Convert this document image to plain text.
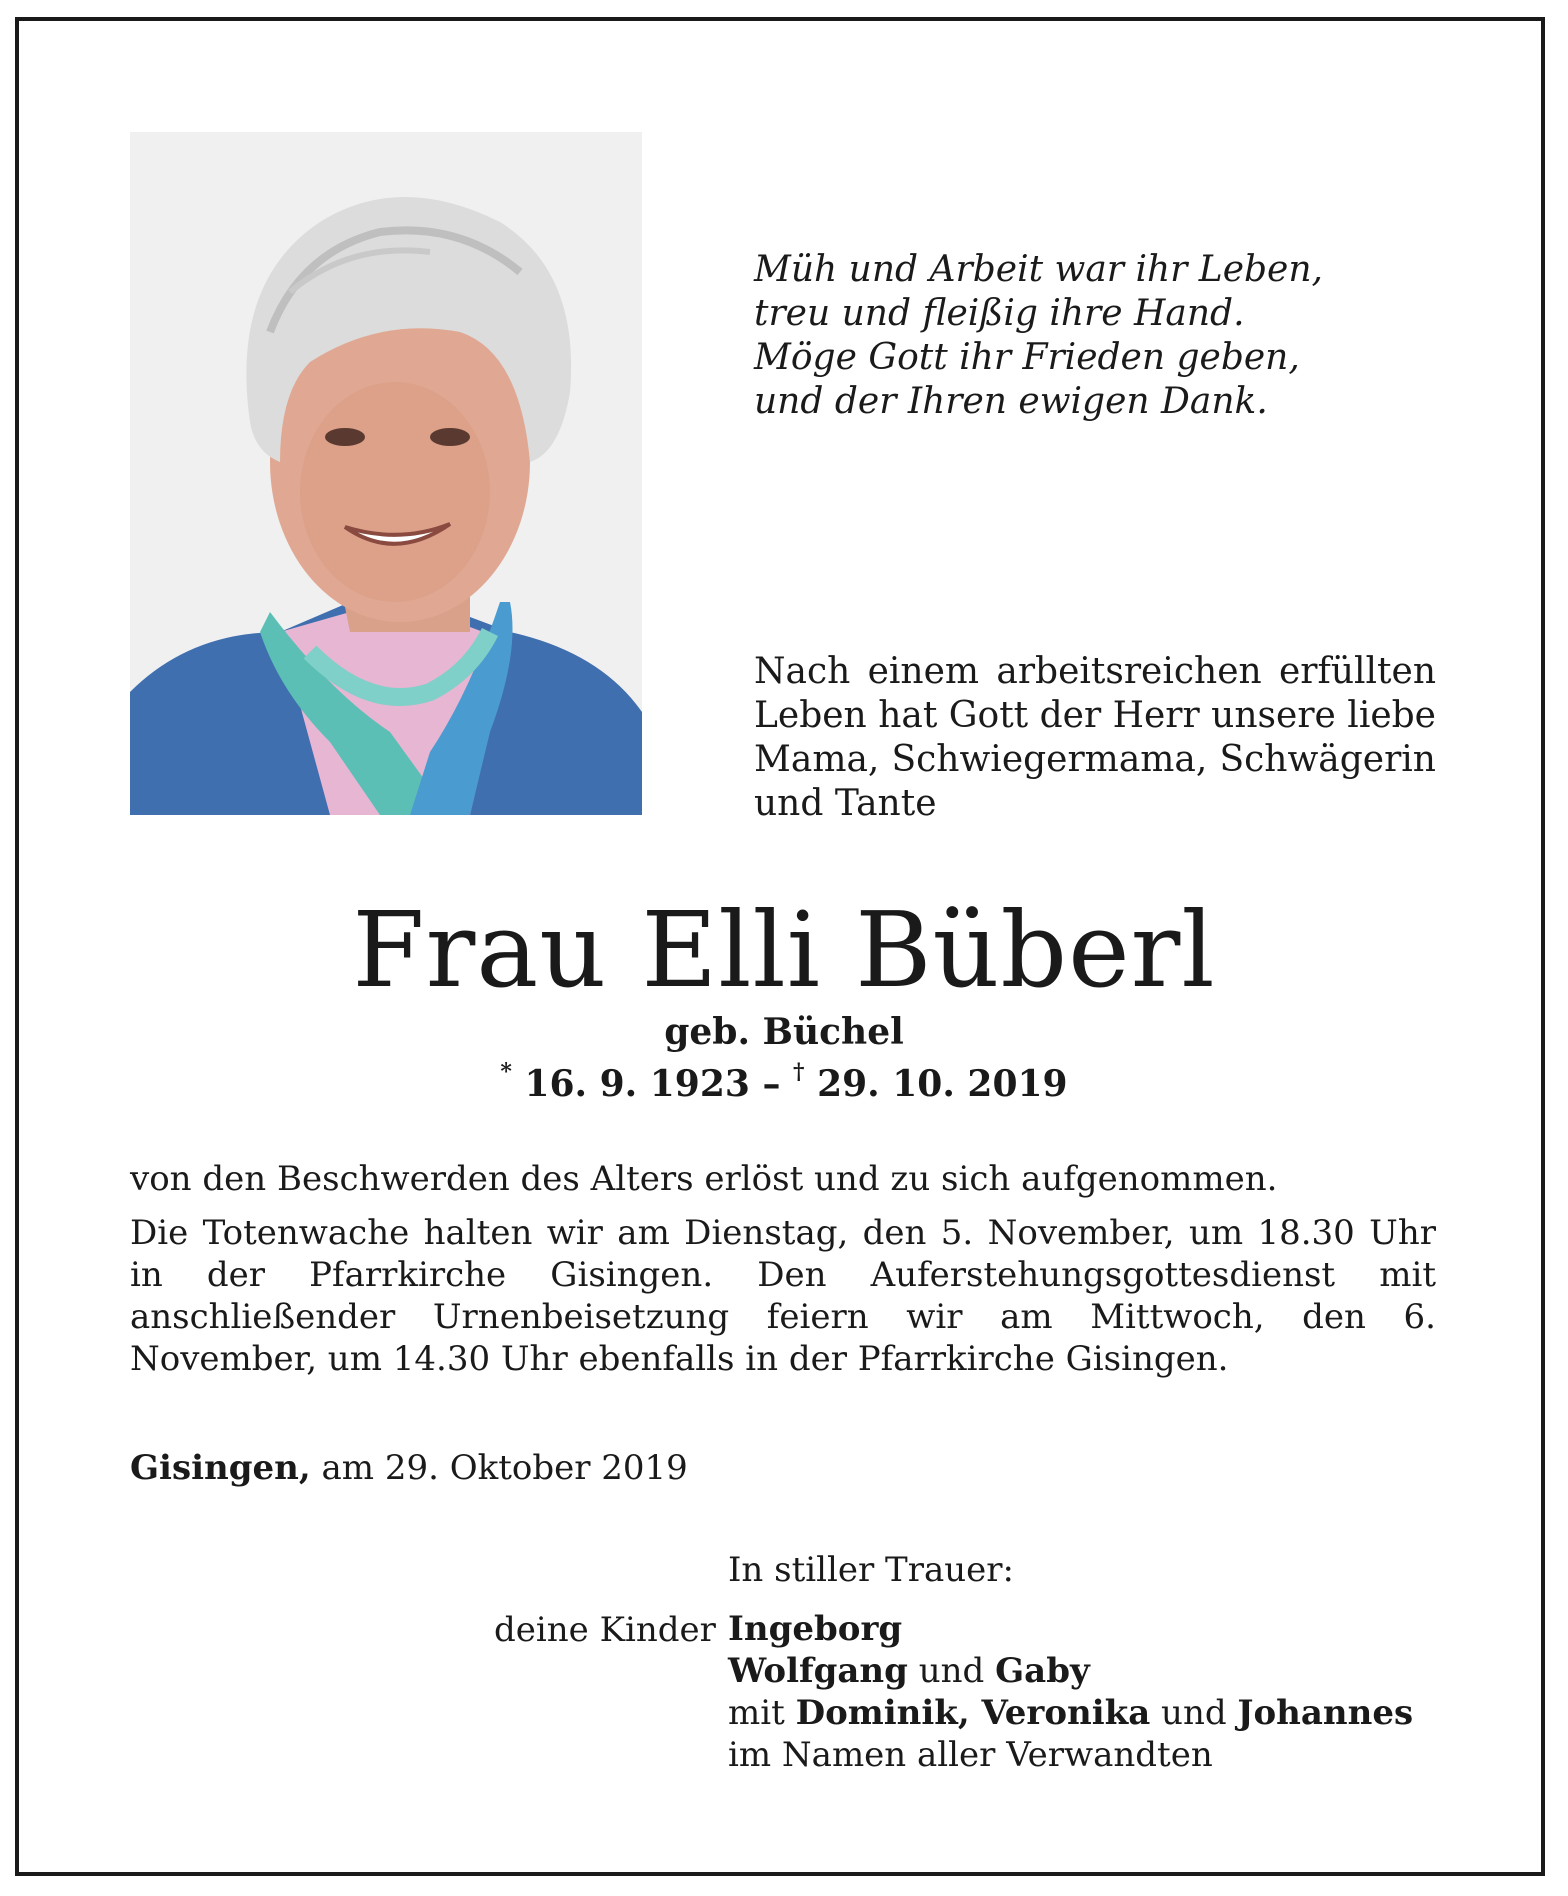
Müh und Arbeit war ihr Leben,
treu und fleißig ihre Hand.
Möge Gott ihr Frieden geben,
und der Ihren ewigen Dank.
Nach einem arbeitsreichen erfüllten Leben hat Gott der Herr unsere liebe Mama, Schwiegermama, Schwägerin und Tante
Frau Elli Büberl
geb. Büchel
* 16. 9. 1923 – † 29. 10. 2019
von den Beschwerden des Alters erlöst und zu sich aufgenommen.
Die Totenwache halten wir am Dienstag, den 5. November, um 18.30 Uhr in der Pfarrkirche Gisingen. Den Auferstehungsgottesdienst mit anschließender Urnenbeisetzung feiern wir am Mittwoch, den 6. November, um 14.30 Uhr ebenfalls in der Pfarrkirche Gisingen.
Gisingen, am 29. Oktober 2019
In stiller Trauer:
deine Kinder Ingeborg
Wolfgang und Gaby
mit Dominik, Veronika und Johannes
im Namen aller Verwandten
